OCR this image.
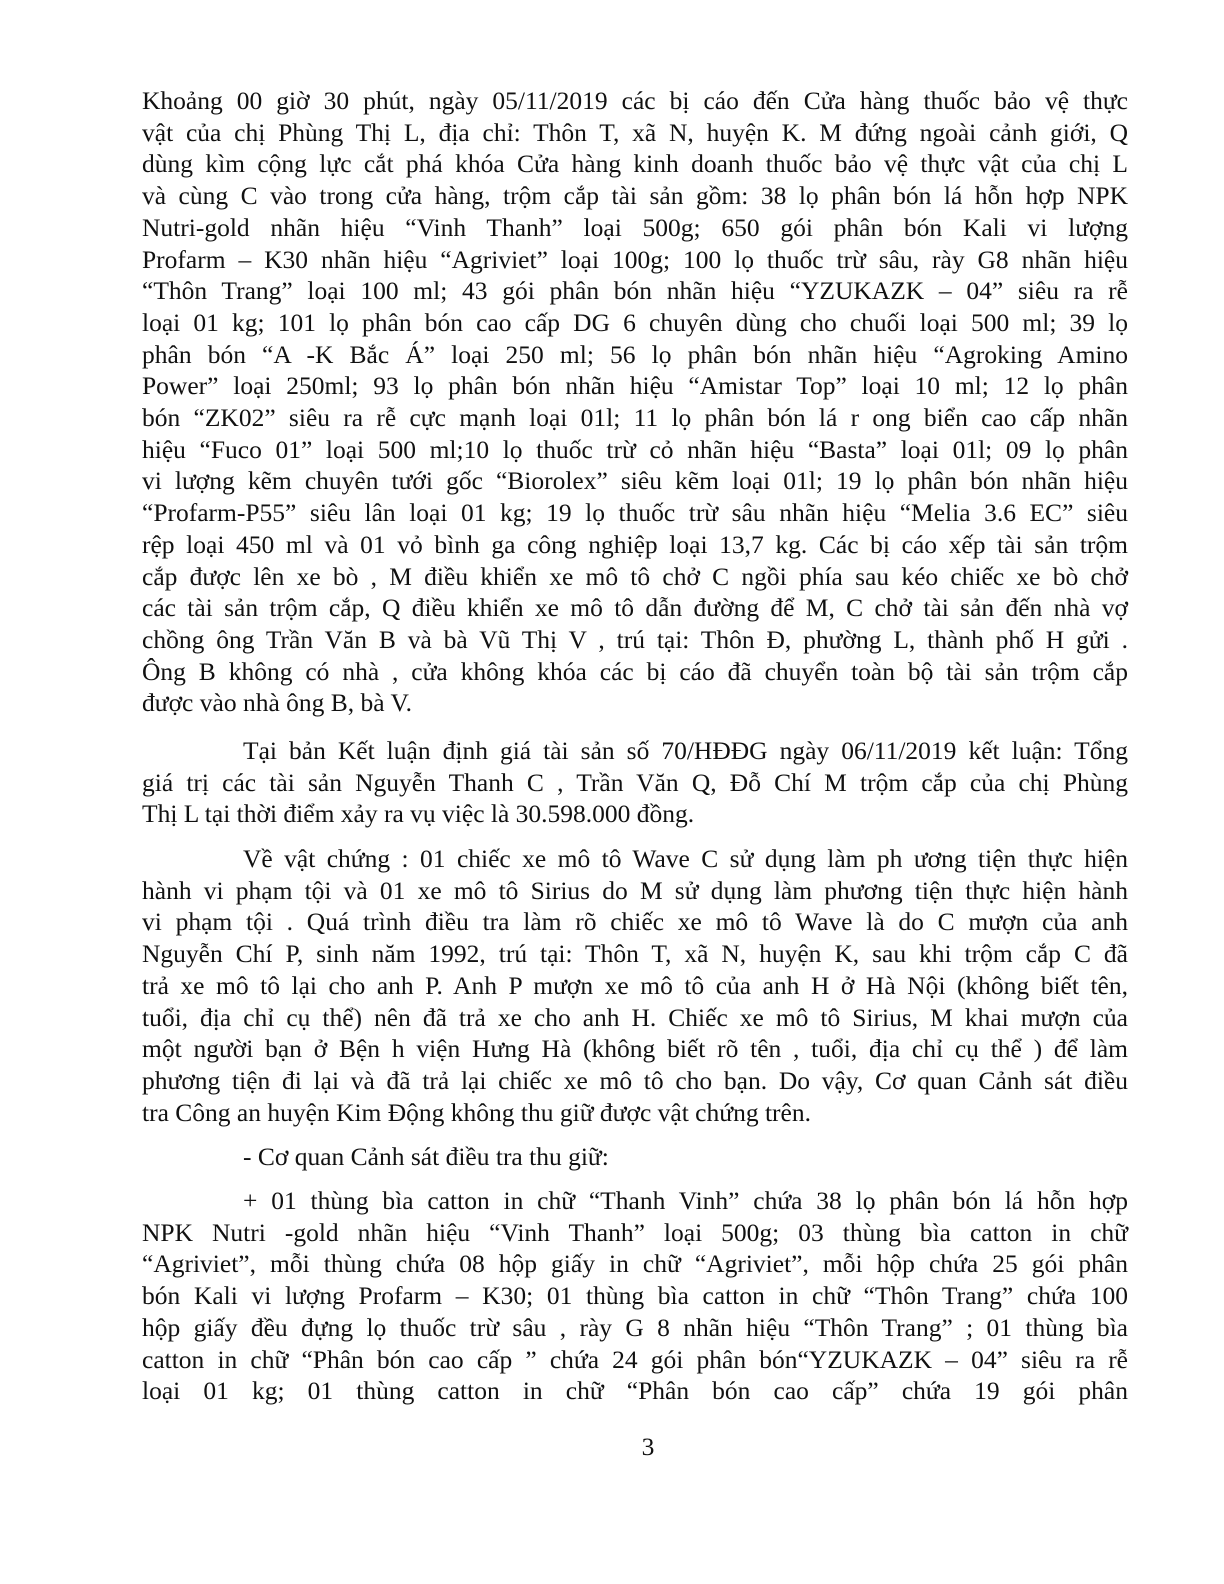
Khoảng 00 giờ 30 phút, ngày 05/11/2019 các bị cáo đến Cửa hàng thuốc bảo vệ thực
vật của chị Phùng Thị L, địa chỉ: Thôn T, xã N, huyện K. M đứng ngoài cảnh giới, Q
dùng kìm cộng lực cắt phá khóa Cửa hàng kinh doanh thuốc bảo vệ thực vật của chị L
và cùng C vào trong cửa hàng, trộm cắp tài sản gồm: 38 lọ phân bón lá hỗn hợp NPK
Nutri-gold nhãn hiệu “Vinh Thanh” loại 500g; 650 gói phân bón Kali vi lượng
Profarm – K30 nhãn hiệu “Agriviet” loại 100g; 100 lọ thuốc trừ sâu, rày G8 nhãn hiệu
“Thôn Trang” loại 100 ml; 43 gói phân bón nhãn hiệu “YZUKAZK – 04” siêu ra rễ
loại 01 kg; 101 lọ phân bón cao cấp DG 6 chuyên dùng cho chuối loại 500 ml; 39 lọ
phân bón “A -K Bắc Á” loại 250 ml; 56 lọ phân bón nhãn hiệu “Agroking Amino
Power” loại 250ml; 93 lọ phân bón nhãn hiệu “Amistar Top” loại 10 ml; 12 lọ phân
bón “ZK02” siêu ra rễ cực mạnh loại 01l; 11 lọ phân bón lá r ong biển cao cấp nhãn
hiệu “Fuco 01” loại 500 ml;10 lọ thuốc trừ cỏ nhãn hiệu “Basta” loại 01l; 09 lọ phân
vi lượng kẽm chuyên tưới gốc “Biorolex” siêu kẽm loại 01l; 19 lọ phân bón nhãn hiệu
“Profarm-P55” siêu lân loại 01 kg; 19 lọ thuốc trừ sâu nhãn hiệu “Melia 3.6 EC” siêu
rệp loại 450 ml và 01 vỏ bình ga công nghiệp loại 13,7 kg. Các bị cáo xếp tài sản trộm
cắp được lên xe bò , M điều khiển xe mô tô chở C ngồi phía sau kéo chiếc xe bò chở
các tài sản trộm cắp, Q điều khiển xe mô tô dẫn đường để M, C chở tài sản đến nhà vợ
chồng ông Trần Văn B và bà Vũ Thị V , trú tại: Thôn Đ, phường L, thành phố H gửi .
Ông B không có nhà , cửa không khóa các bị cáo đã chuyển toàn bộ tài sản trộm cắp
được vào nhà ông B, bà V.
Tại bản Kết luận định giá tài sản số 70/HĐĐG ngày 06/11/2019 kết luận: Tổng
giá trị các tài sản Nguyễn Thanh C , Trần Văn Q, Đỗ Chí M trộm cắp của chị Phùng
Thị L tại thời điểm xảy ra vụ việc là 30.598.000 đồng.
Về vật chứng : 01 chiếc xe mô tô Wave C sử dụng làm ph ương tiện thực hiện
hành vi phạm tội và 01 xe mô tô Sirius do M sử dụng làm phương tiện thực hiện hành
vi phạm tội . Quá trình điều tra làm rõ chiếc xe mô tô Wave là do C mượn của anh
Nguyễn Chí P, sinh năm 1992, trú tại: Thôn T, xã N, huyện K, sau khi trộm cắp C đã
trả xe mô tô lại cho anh P. Anh P mượn xe mô tô của anh H ở Hà Nội (không biết tên,
tuổi, địa chỉ cụ thể) nên đã trả xe cho anh H. Chiếc xe mô tô Sirius, M khai mượn của
một người bạn ở Bện h viện Hưng Hà (không biết rõ tên , tuổi, địa chỉ cụ thể ) để làm
phương tiện đi lại và đã trả lại chiếc xe mô tô cho bạn. Do vậy, Cơ quan Cảnh sát điều
tra Công an huyện Kim Động không thu giữ được vật chứng trên.
- Cơ quan Cảnh sát điều tra thu giữ:
+ 01 thùng bìa catton in chữ “Thanh Vinh” chứa 38 lọ phân bón lá hỗn hợp
NPK Nutri -gold nhãn hiệu “Vinh Thanh” loại 500g; 03 thùng bìa catton in chữ
“Agriviet”, mỗi thùng chứa 08 hộp giấy in chữ “Agriviet”, mỗi hộp chứa 25 gói phân
bón Kali vi lượng Profarm – K30; 01 thùng bìa catton in chữ “Thôn Trang” chứa 100
hộp giấy đều đựng lọ thuốc trừ sâu , rày G 8 nhãn hiệu “Thôn Trang” ; 01 thùng bìa
catton in chữ “Phân bón cao cấp ” chứa 24 gói phân bón“YZUKAZK – 04” siêu ra rễ
loại 01 kg; 01 thùng catton in chữ “Phân bón cao cấp” chứa 19 gói phân
3
